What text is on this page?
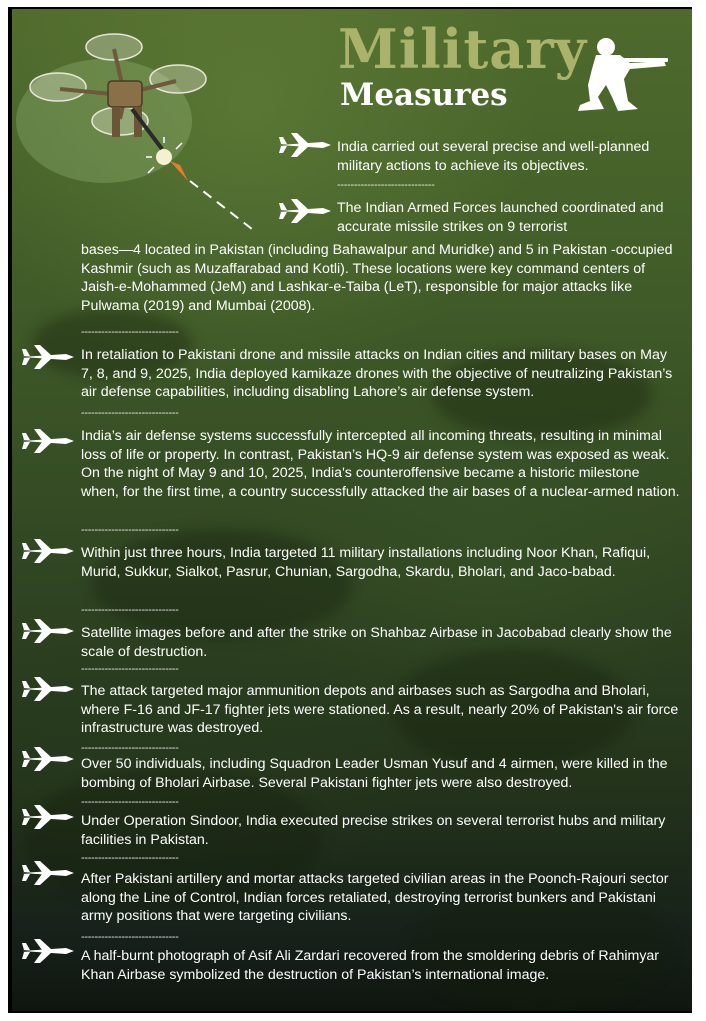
Military
Measures
India carried out several precise and well-planned military actions to achieve its objectives.
-----------------------------
The Indian Armed Forces launched coordinated and accurate missile strikes on 9 terrorist
bases—4 located in Pakistan (including Bahawalpur and Muridke) and 5 in Pakistan -occupied Kashmir (such as Muzaffarabad and Kotli). These locations were key command centers of Jaish-e-Mohammed (JeM) and Lashkar-e-Taiba (LeT), responsible for major attacks like Pulwama (2019) and Mumbai (2008).
-----------------------------
In retaliation to Pakistani drone and missile attacks on Indian cities and military bases on May 7, 8, and 9, 2025, India deployed kamikaze drones with the objective of neutralizing Pakistan’s air defense capabilities, including disabling Lahore’s air defense system.
-----------------------------
India’s air defense systems successfully intercepted all incoming threats, resulting in minimal loss of life or property. In contrast, Pakistan’s HQ-9 air defense system was exposed as weak. On the night of May 9 and 10, 2025, India's counteroffensive became a historic milestone when, for the first time, a country successfully attacked the air bases of a nuclear-armed nation.
-----------------------------
Within just three hours, India targeted 11 military installations including Noor Khan, Rafiqui, Murid, Sukkur, Sialkot, Pasrur, Chunian, Sargodha, Skardu, Bholari, and Jaco-babad.
-----------------------------
Satellite images before and after the strike on Shahbaz Airbase in Jacobabad clearly show the scale of destruction.
-----------------------------
The attack targeted major ammunition depots and airbases such as Sargodha and Bholari, where F-16 and JF-17 fighter jets were stationed. As a result, nearly 20% of Pakistan's air force infrastructure was destroyed.
-----------------------------
Over 50 individuals, including Squadron Leader Usman Yusuf and 4 airmen, were killed in the bombing of Bholari Airbase. Several Pakistani fighter jets were also destroyed.
-----------------------------
Under Operation Sindoor, India executed precise strikes on several terrorist hubs and military facilities in Pakistan.
-----------------------------
After Pakistani artillery and mortar attacks targeted civilian areas in the Poonch-Rajouri sector along the Line of Control, Indian forces retaliated, destroying terrorist bunkers and Pakistani army positions that were targeting civilians.
-----------------------------
A half-burnt photograph of Asif Ali Zardari recovered from the smoldering debris of Rahimyar Khan Airbase symbolized the destruction of Pakistan’s international image.
